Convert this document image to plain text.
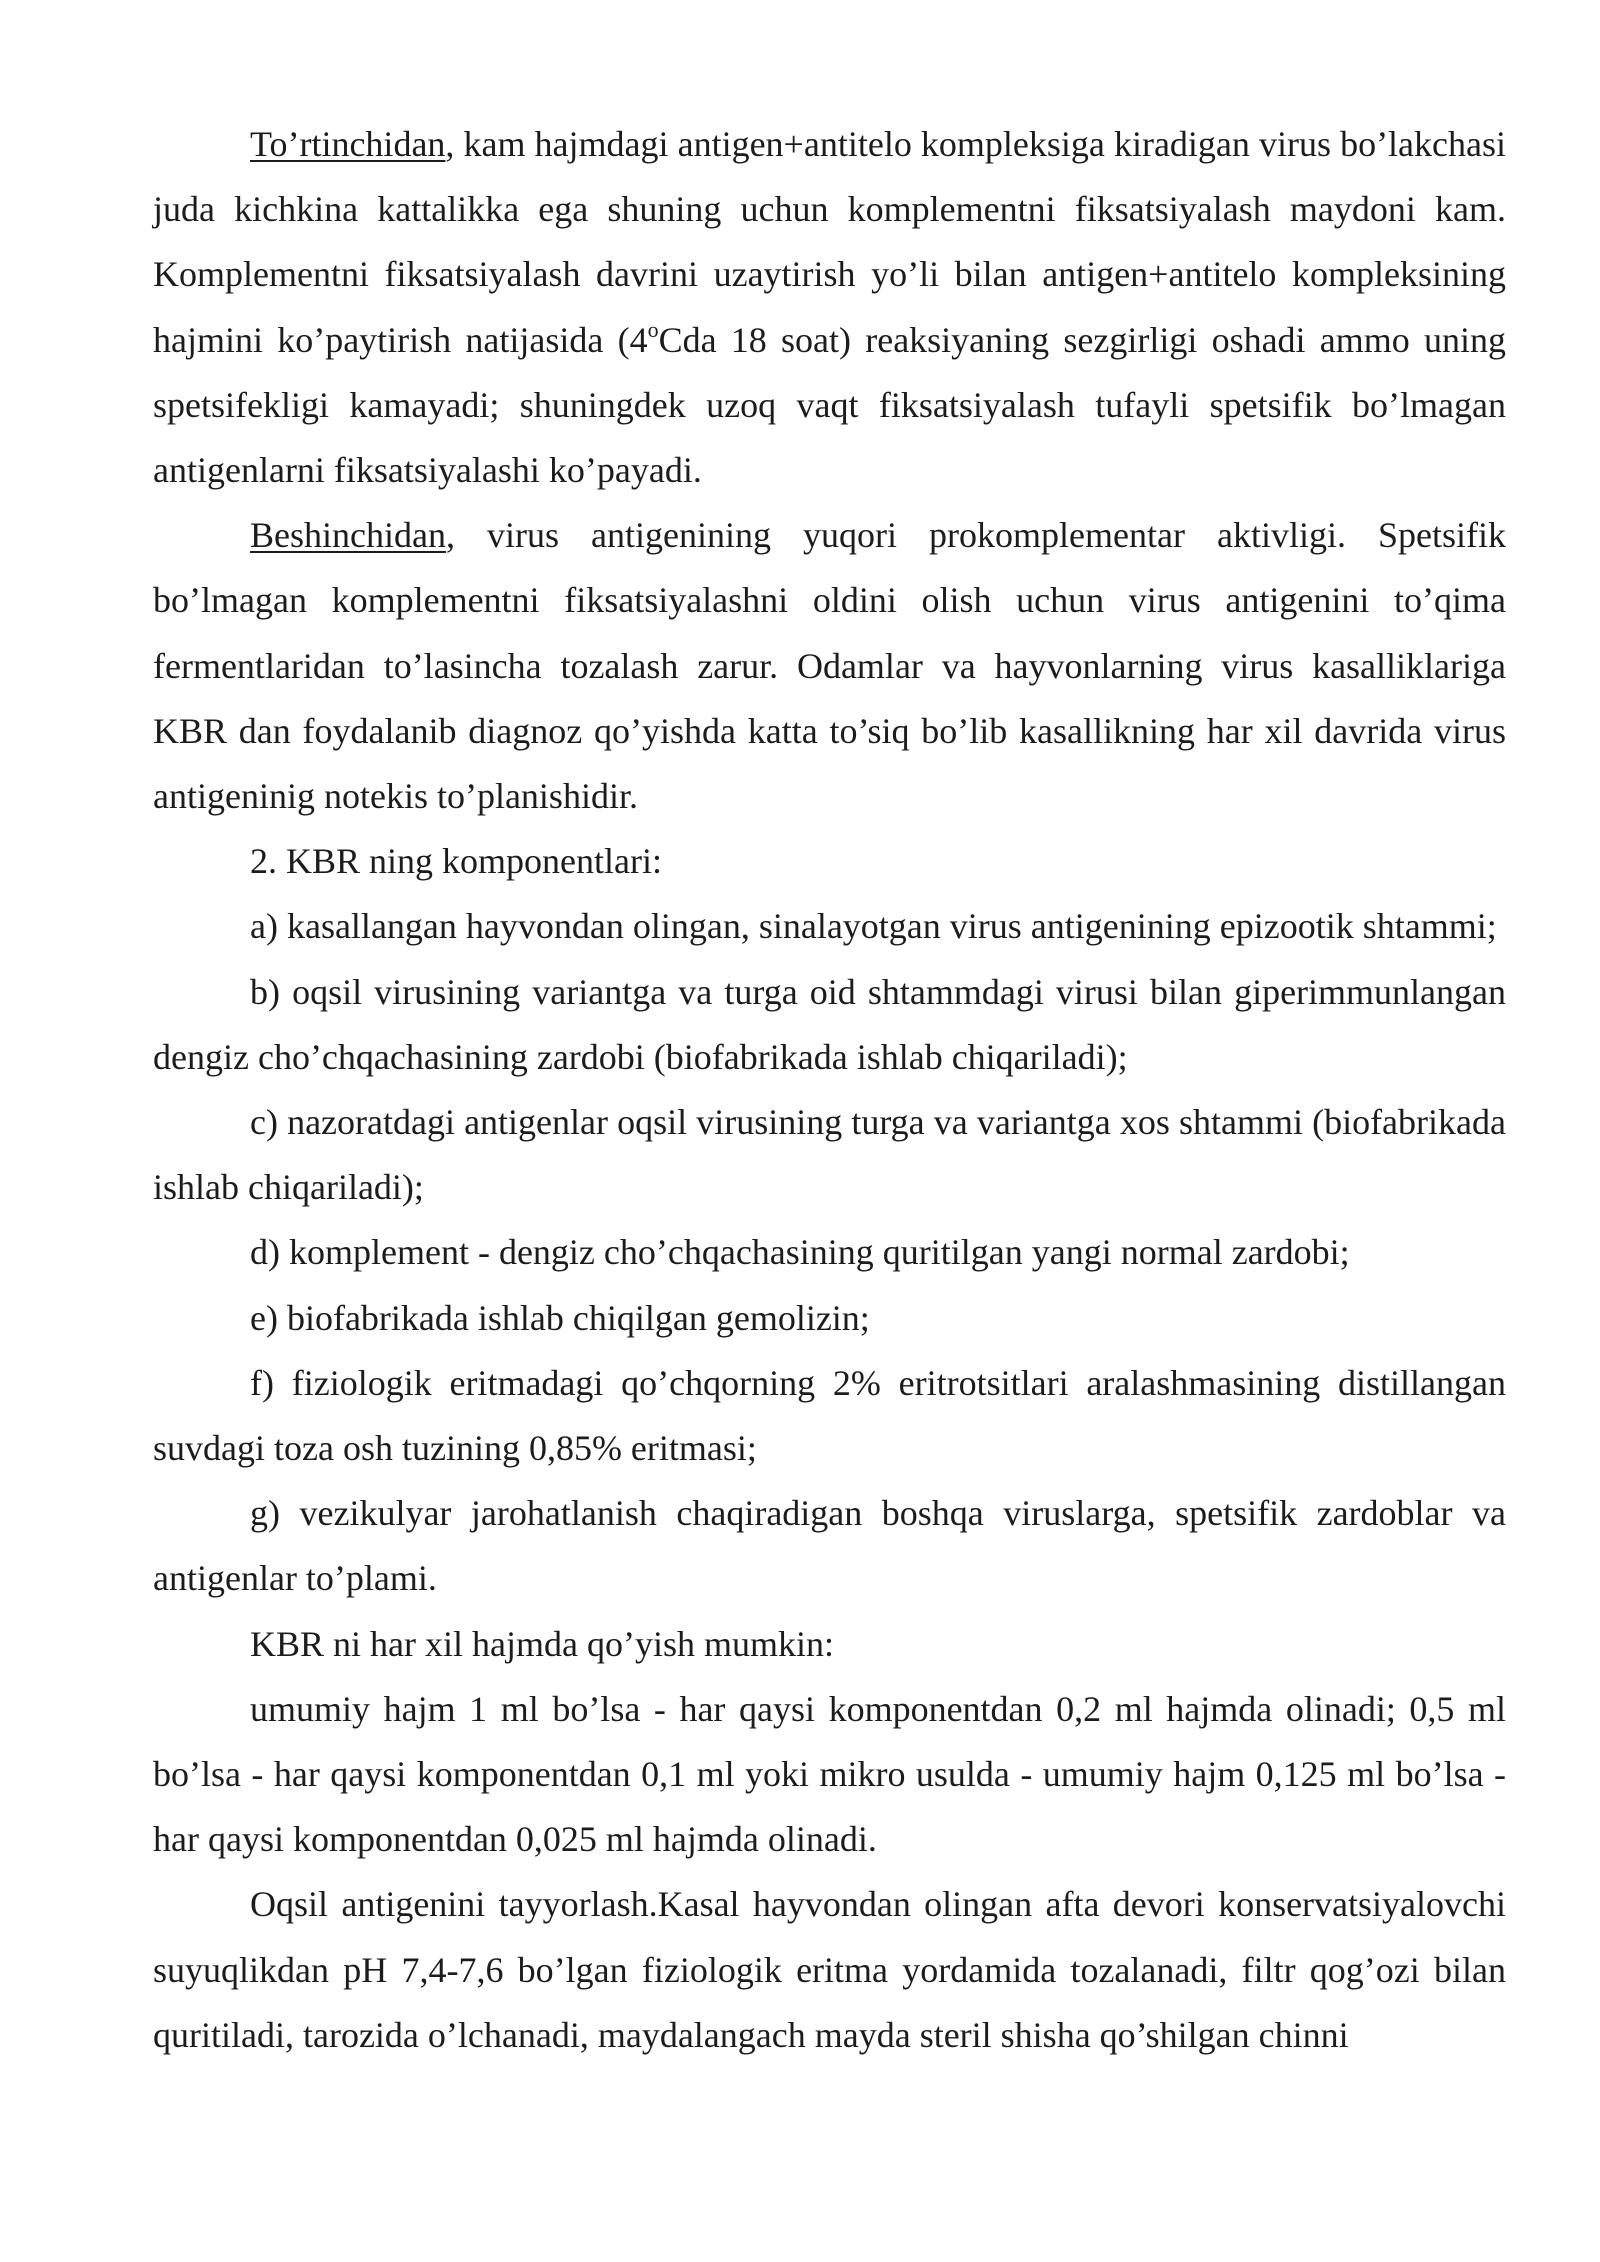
To’rtinchidan, kam hajmdagi antigen+antitelo kompleksiga kiradigan virus bo’lakchasi juda kichkina kattalikka ega shuning uchun komplementni fiksatsiyalash maydoni kam. Komplementni fiksatsiyalash davrini uzaytirish yo’li bilan antigen+antitelo kompleksining hajmini ko’paytirish natijasida (4$^o$Cda 18 soat) reaksiyaning sezgirligi oshadi ammo uning spetsifekligi kamayadi; shuningdek uzoq vaqt fiksatsiyalash tufayli spetsifik bo’lmagan antigenlarni fiksatsiyalashi ko’payadi.

Beshinchidan, virus antigenining yuqori prokomplementar aktivligi. Spetsifik bo’lmagan komplementni fiksatsiyalashni oldini olish uchun virus antigenini to’qima fermentlaridan to’lasincha tozalash zarur. Odamlar va hayvonlarning virus kasalliklariga KBR dan foydalanib diagnoz qo’yishda katta to’siq bo’lib kasallikning har xil davrida virus antigeninig notekis to’planishidir.

2. KBR ning komponentlari:

a) kasallangan hayvondan olingan, sinalayotgan virus antigenining epizootik shtammi;

b) oqsil virusining variantga va turga oid shtammdagi virusi bilan giperimmunlangan dengiz cho’chqachasining zardobi (biofabrikada ishlab chiqariladi);

c) nazoratdagi antigenlar oqsil virusining turga va variantga xos shtammi (biofabrikada ishlab chiqariladi);

d) komplement - dengiz cho’chqachasining quritilgan yangi normal zardobi;

e) biofabrikada ishlab chiqilgan gemolizin;

f) fiziologik eritmadagi qo’chqorning 2% eritrotsitlari aralashmasining distillangan suvdagi toza osh tuzining 0,85% eritmasi;

g) vezikulyar jarohatlanish chaqiradigan boshqa viruslarga, spetsifik zardoblar va antigenlar to’plami.

KBR ni har xil hajmda qo’yish mumkin:

umumiy hajm 1 ml bo’lsa - har qaysi komponentdan 0,2 ml hajmda olinadi; 0,5 ml bo’lsa - har qaysi komponentdan 0,1 ml yoki mikro usulda - umumiy hajm 0,125 ml bo’lsa - har qaysi komponentdan 0,025 ml hajmda olinadi.

Oqsil antigenini tayyorlash.Kasal hayvondan olingan afta devori konservatsiyalovchi suyuqlikdan pH 7,4-7,6 bo’lgan fiziologik eritma yordamida tozalanadi, filtr qog’ozi bilan quritiladi, tarozida o’lchanadi, maydalangach mayda steril shisha qo’shilgan chinni
